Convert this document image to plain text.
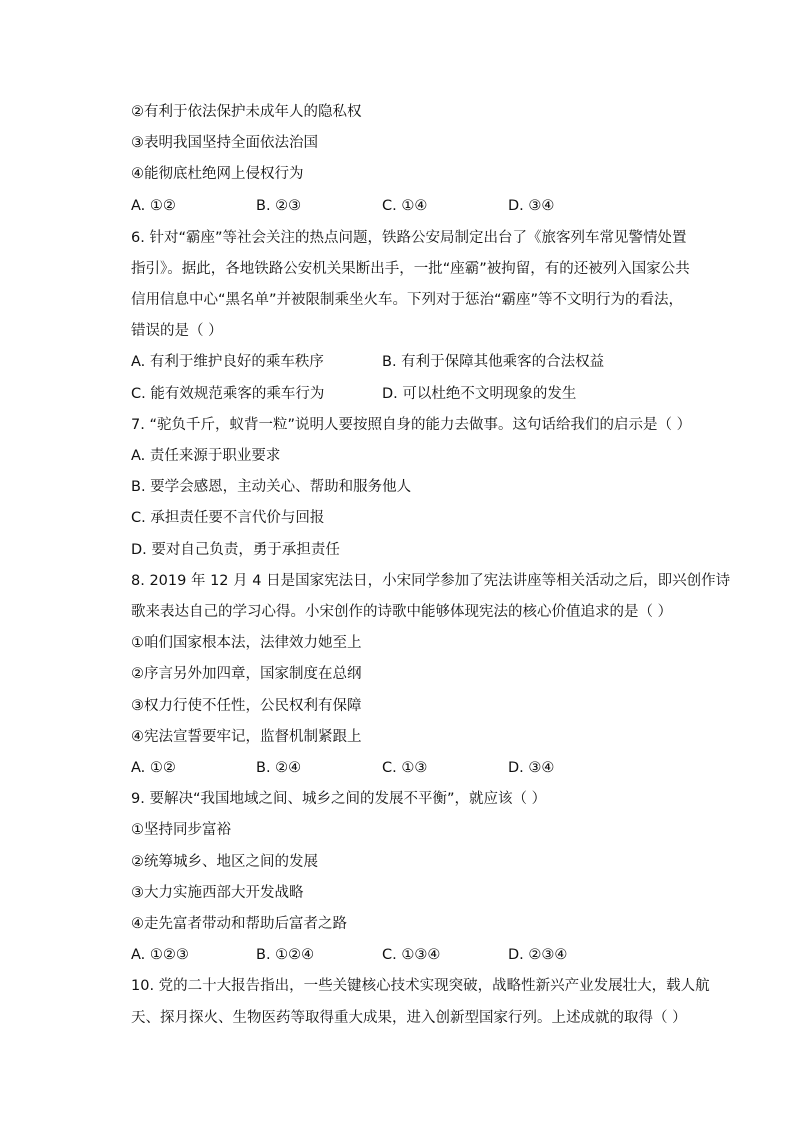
②有利于依法保护未成年人的隐私权
③表明我国坚持全面依法治国
④能彻底杜绝网上侵权行为
A. ①②	B. ②③	C. ①④	D. ③④
6. 针对“霸座”等社会关注的热点问题，铁路公安局制定出台了《旅客列车常见警情处置
指引》。据此，各地铁路公安机关果断出手，一批“座霸”被拘留，有的还被列入国家公共
信用信息中心“黑名单”并被限制乘坐火车。下列对于惩治“霸座”等不文明行为的看法，
错误的是（ ）
A. 有利于维护良好的乘车秩序	B. 有利于保障其他乘客的合法权益
C. 能有效规范乘客的乘车行为	D. 可以杜绝不文明现象的发生
7. “驼负千斤，蚁背一粒”说明人要按照自身的能力去做事。这句话给我们的启示是（ ）
A. 责任来源于职业要求
B. 要学会感恩，主动关心、帮助和服务他人
C. 承担责任要不言代价与回报
D. 要对自己负责，勇于承担责任
8. 2019 年 12 月 4 日是国家宪法日，小宋同学参加了宪法讲座等相关活动之后，即兴创作诗
歌来表达自己的学习心得。小宋创作的诗歌中能够体现宪法的核心价值追求的是（ ）
①咱们国家根本法，法律效力她至上
②序言另外加四章，国家制度在总纲
③权力行使不任性，公民权利有保障
④宪法宣誓要牢记，监督机制紧跟上
A. ①②	B. ②④	C. ①③	D. ③④
9. 要解决“我国地域之间、城乡之间的发展不平衡”，就应该（ ）
①坚持同步富裕
②统筹城乡、地区之间的发展
③大力实施西部大开发战略
④走先富者带动和帮助后富者之路
A. ①②③	B. ①②④	C. ①③④	D. ②③④
10. 党的二十大报告指出，一些关键核心技术实现突破，战略性新兴产业发展壮大，载人航
天、探月探火、生物医药等取得重大成果，进入创新型国家行列。上述成就的取得（ ）
